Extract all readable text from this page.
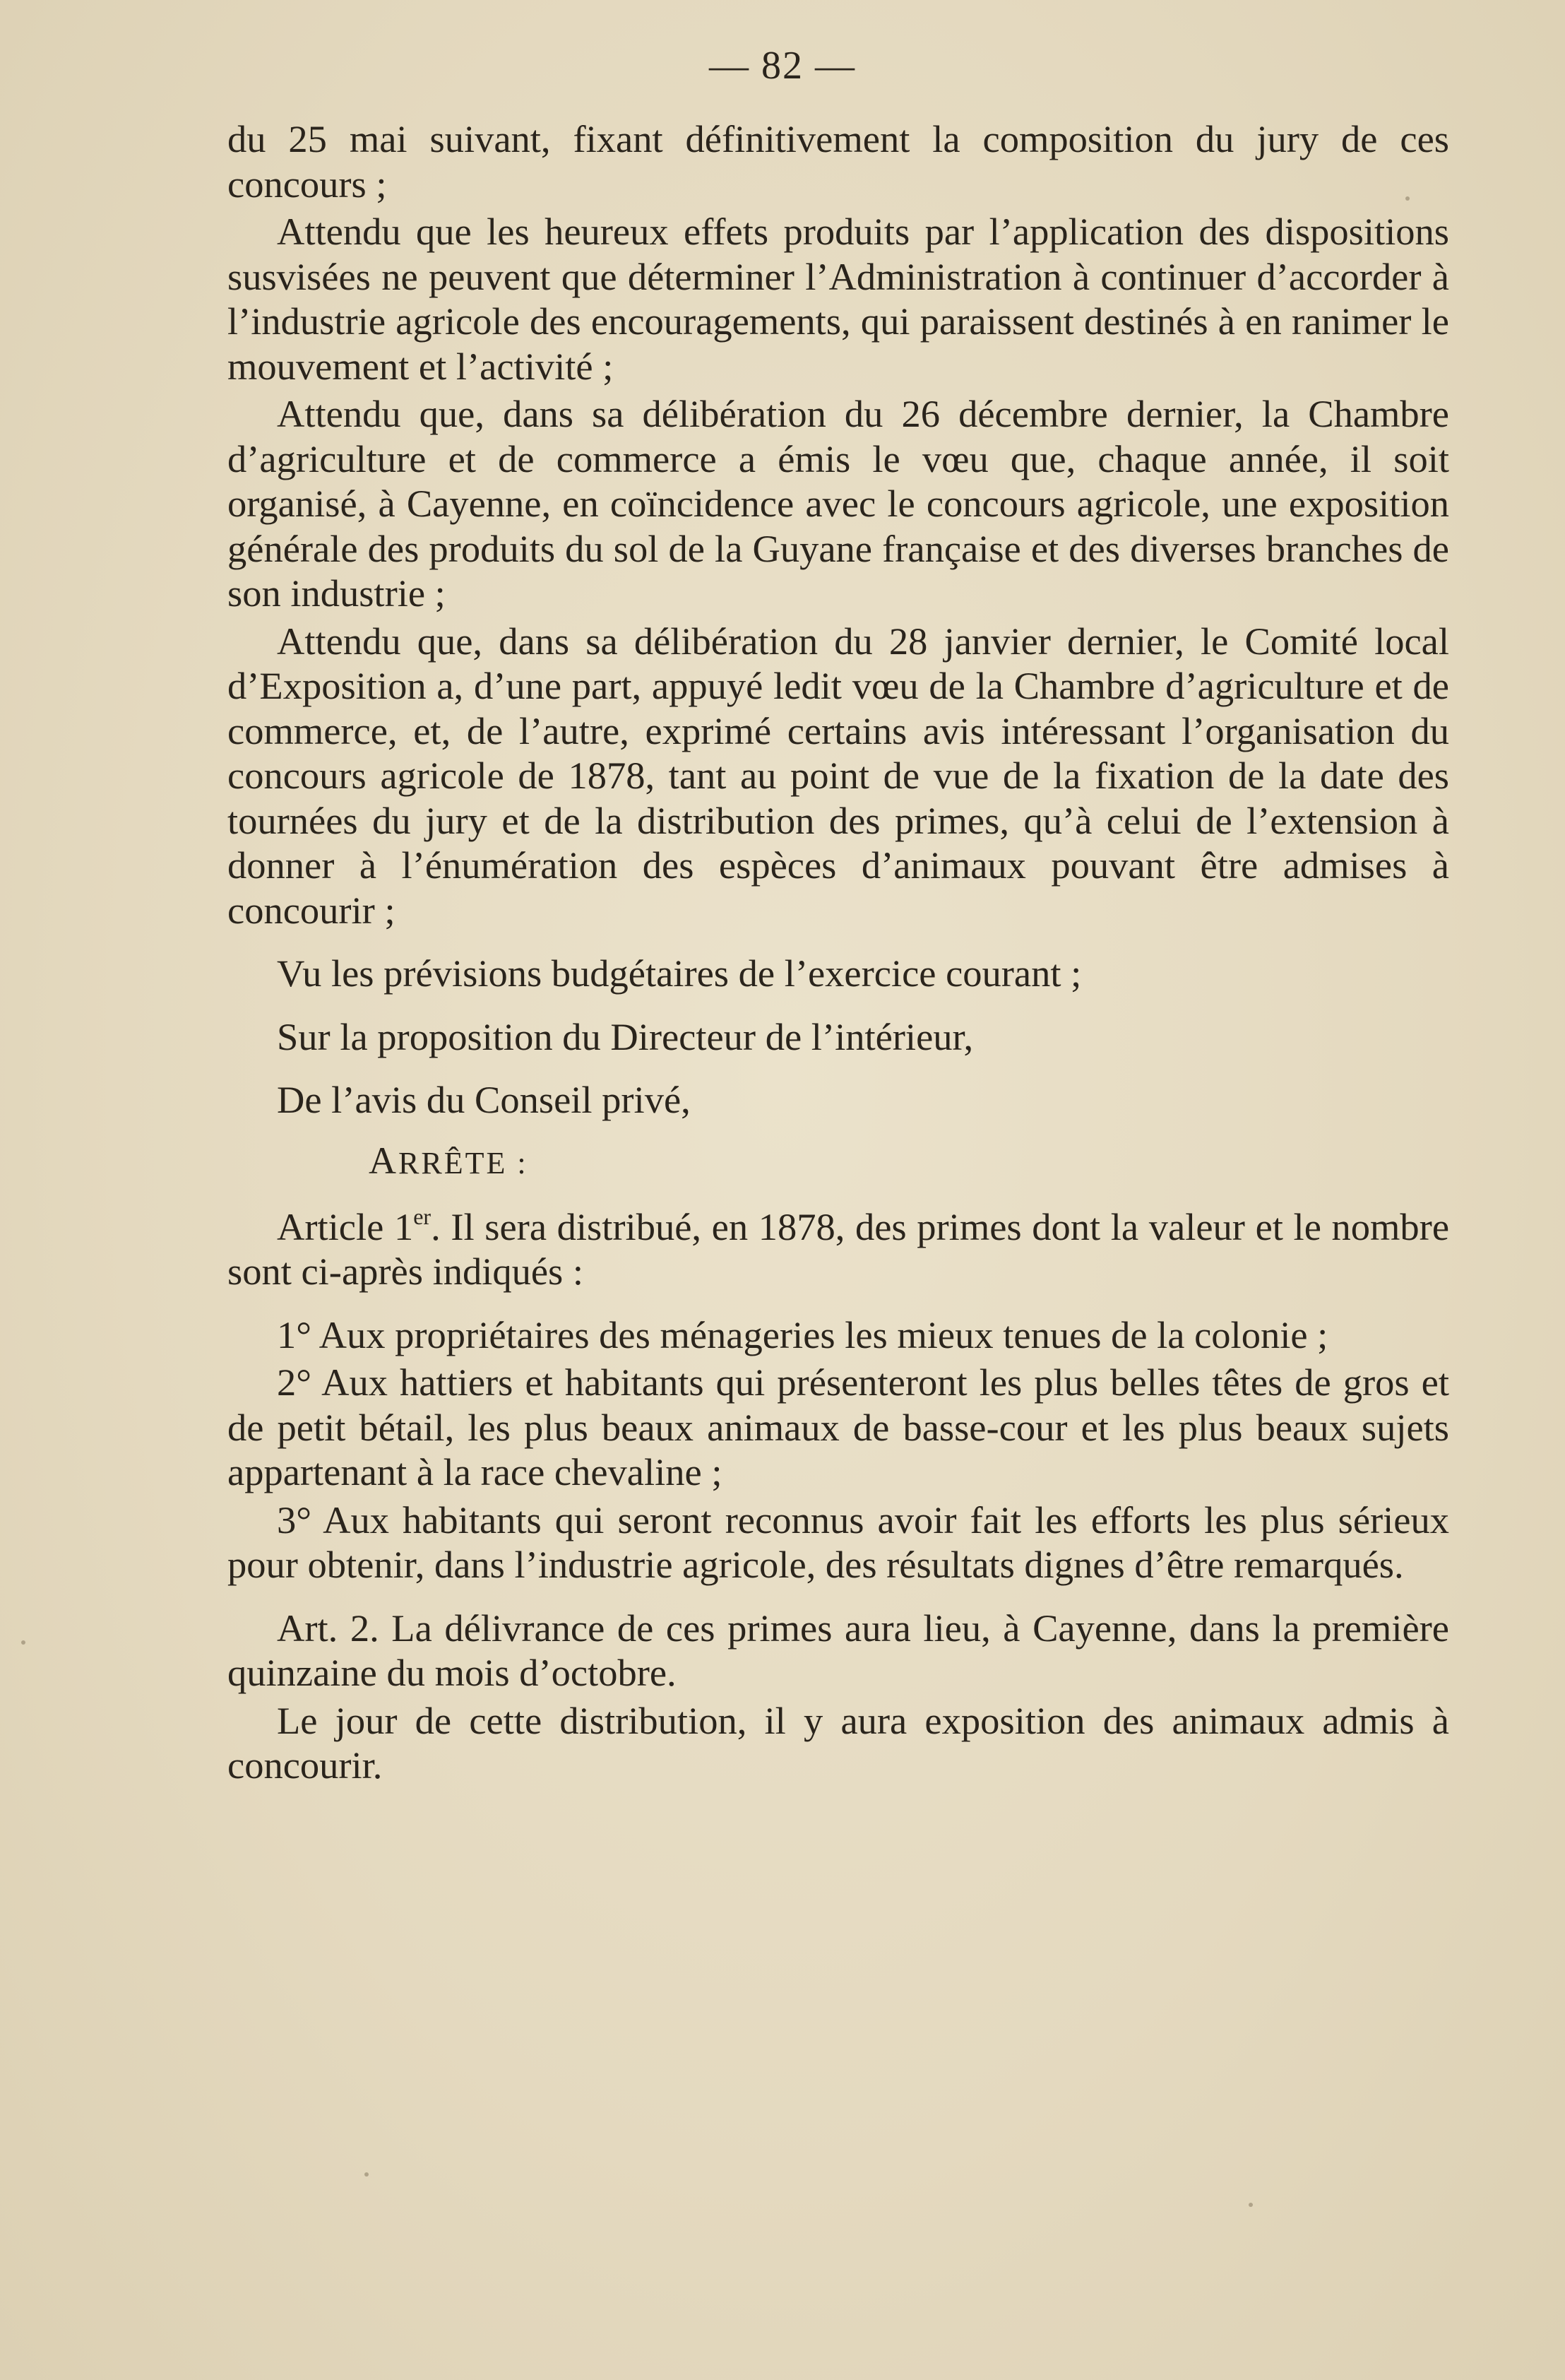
— 82 —

du 25 mai suivant, fixant définitivement la composition du jury de ces concours ;

Attendu que les heureux effets produits par l’application des dispositions susvisées ne peuvent que déterminer l’Administration à continuer d’accorder à l’industrie agricole des encouragements, qui paraissent destinés à en ranimer le mouvement et l’activité ;

Attendu que, dans sa délibération du 26 décembre dernier, la Chambre d’agriculture et de commerce a émis le vœu que, chaque année, il soit organisé, à Cayenne, en coïncidence avec le concours agricole, une exposition générale des produits du sol de la Guyane française et des diverses branches de son industrie ;

Attendu que, dans sa délibération du 28 janvier dernier, le Comité local d’Exposition a, d’une part, appuyé ledit vœu de la Chambre d’agriculture et de commerce, et, de l’autre, exprimé certains avis intéressant l’organisation du concours agricole de 1878, tant au point de vue de la fixation de la date des tournées du jury et de la distribution des primes, qu’à celui de l’extension à donner à l’énumération des espèces d’animaux pouvant être admises à concourir ;

Vu les prévisions budgétaires de l’exercice courant ;

Sur la proposition du Directeur de l’intérieur,

De l’avis du Conseil privé,

ARRÊTE :

Article 1er. Il sera distribué, en 1878, des primes dont la valeur et le nombre sont ci-après indiqués :

1° Aux propriétaires des ménageries les mieux tenues de la colonie ;

2° Aux hattiers et habitants qui présenteront les plus belles têtes de gros et de petit bétail, les plus beaux animaux de basse-cour et les plus beaux sujets appartenant à la race chevaline ;

3° Aux habitants qui seront reconnus avoir fait les efforts les plus sérieux pour obtenir, dans l’industrie agricole, des résultats dignes d’être remarqués.

Art. 2. La délivrance de ces primes aura lieu, à Cayenne, dans la première quinzaine du mois d’octobre.

Le jour de cette distribution, il y aura exposition des animaux admis à concourir.
